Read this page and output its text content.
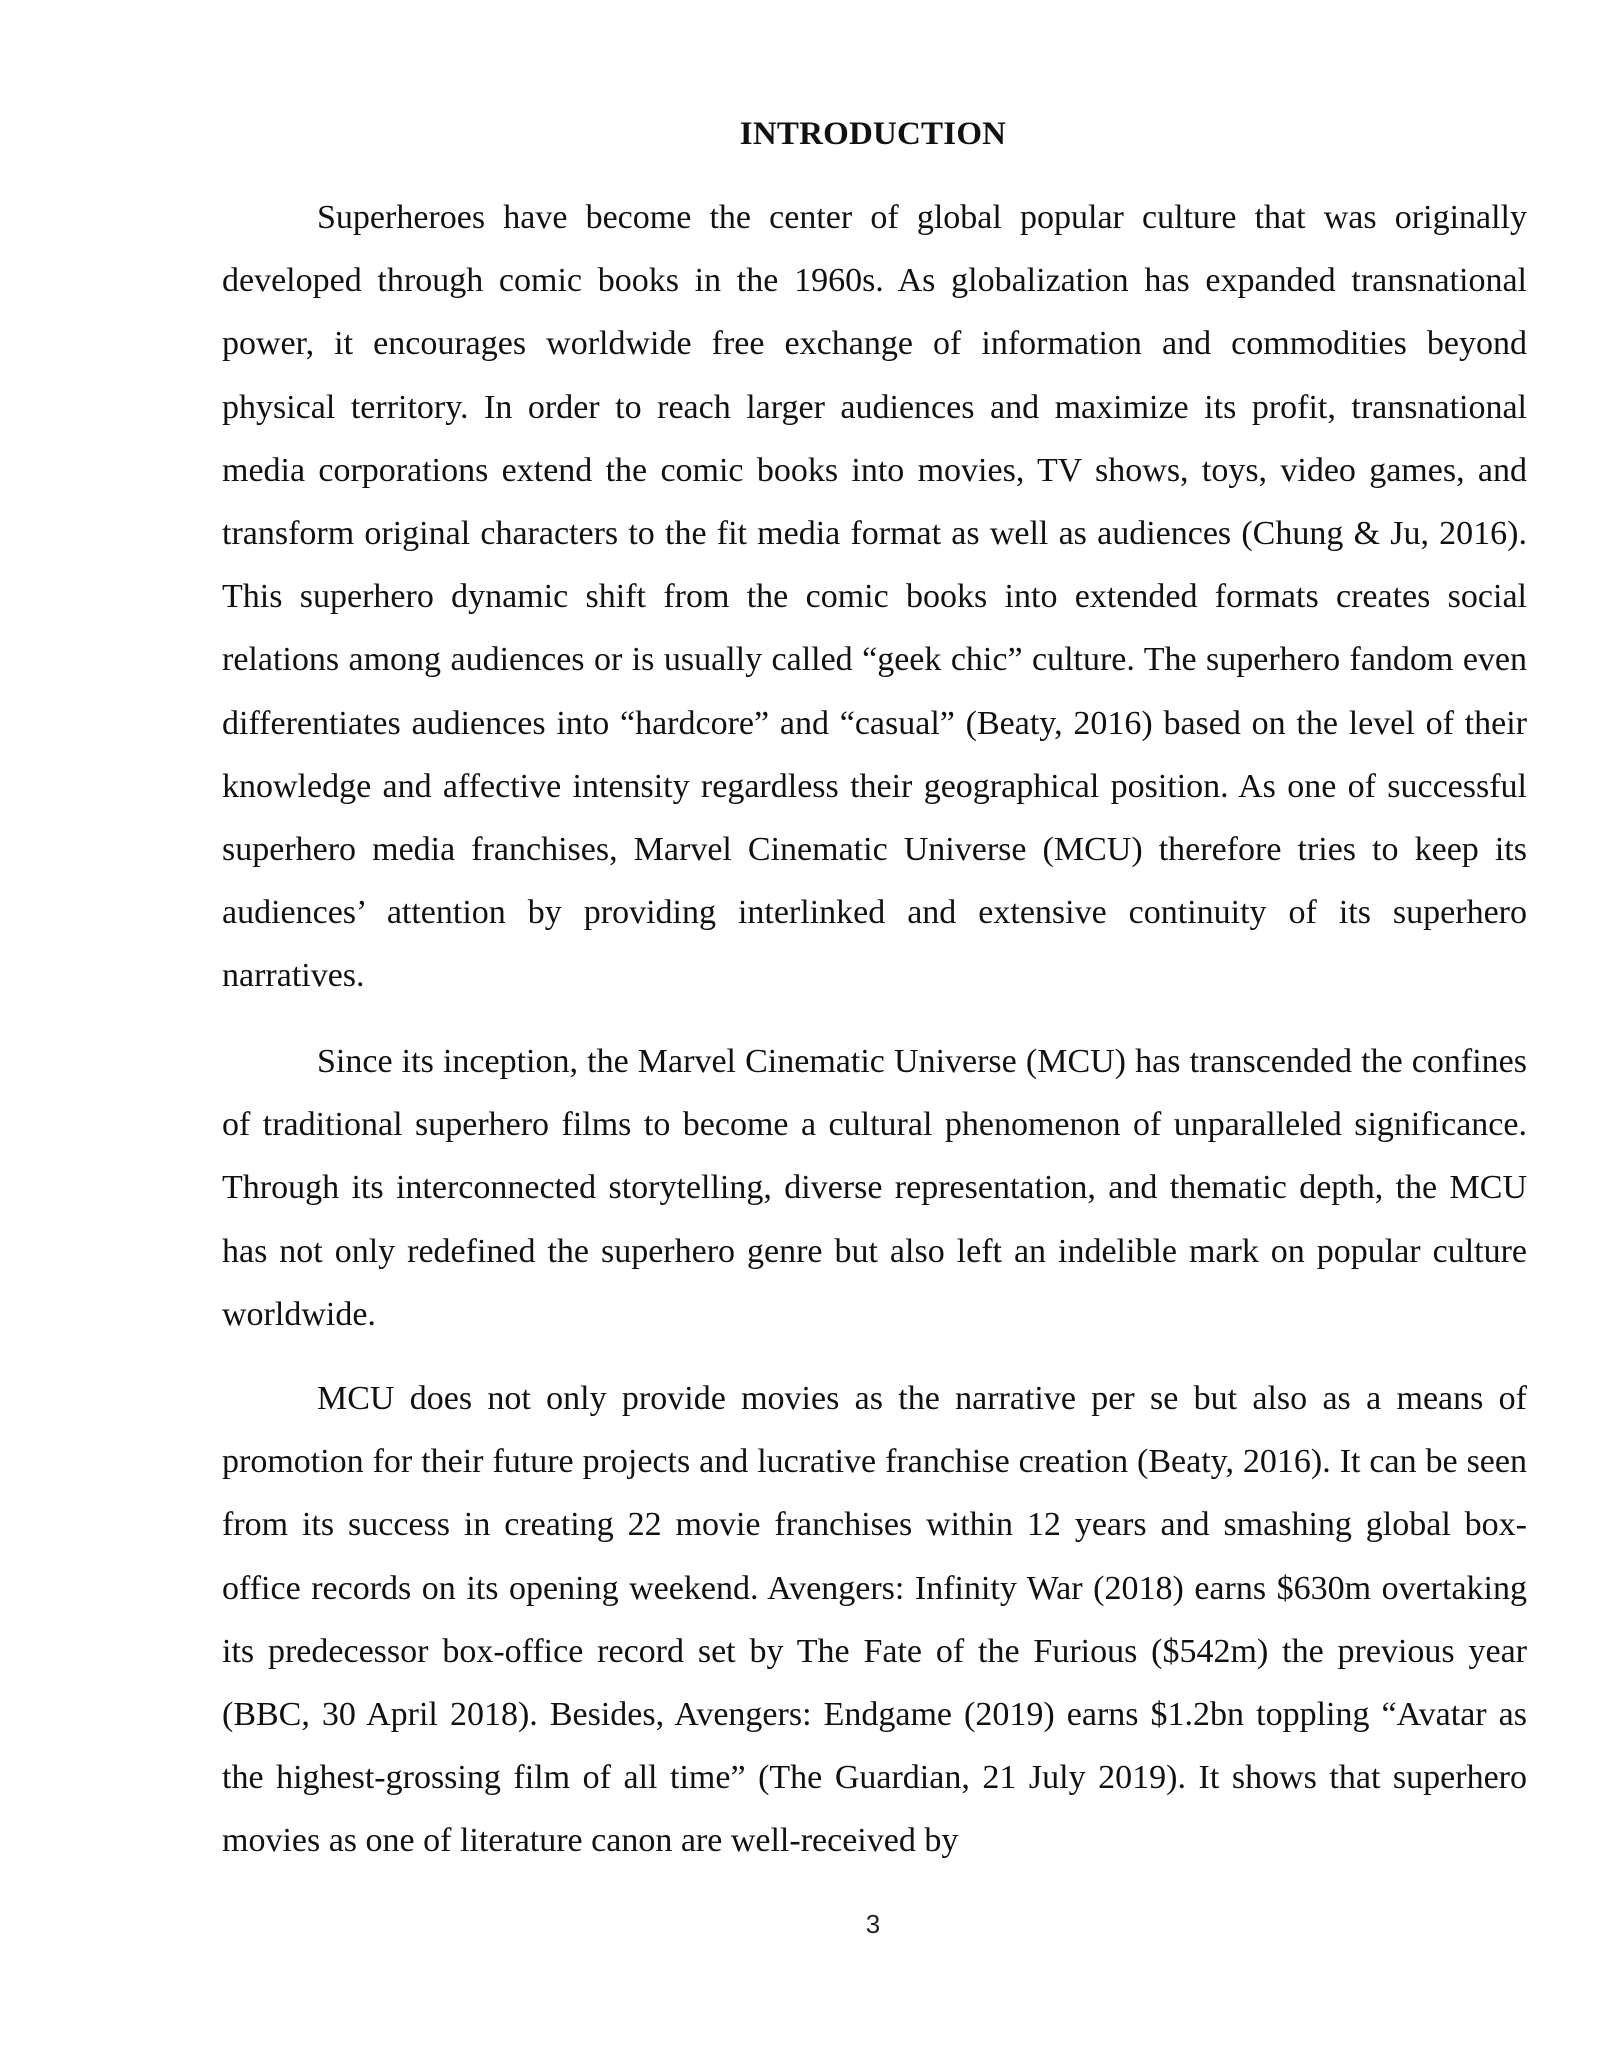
INTRODUCTION

Superheroes have become the center of global popular culture that was originally developed through comic books in the 1960s. As globalization has expanded transnational power, it encourages worldwide free exchange of information and commodities beyond physical territory. In order to reach larger audiences and maximize its profit, transnational media corporations extend the comic books into movies, TV shows, toys, video games, and transform original characters to the fit media format as well as audiences (Chung & Ju, 2016). This superhero dynamic shift from the comic books into extended formats creates social relations among audiences or is usually called “geek chic” culture. The superhero fandom even differentiates audiences into “hardcore” and “casual” (Beaty, 2016) based on the level of their knowledge and affective intensity regardless their geographical position. As one of successful superhero media franchises, Marvel Cinematic Universe (MCU) therefore tries to keep its audiences’ attention by providing interlinked and extensive continuity of its superhero narratives.

Since its inception, the Marvel Cinematic Universe (MCU) has transcended the confines of traditional superhero films to become a cultural phenomenon of unparalleled significance. Through its interconnected storytelling, diverse representation, and thematic depth, the MCU has not only redefined the superhero genre but also left an indelible mark on popular culture worldwide.

MCU does not only provide movies as the narrative per se but also as a means of promotion for their future projects and lucrative franchise creation (Beaty, 2016). It can be seen from its success in creating 22 movie franchises within 12 years and smashing global box-office records on its opening weekend. Avengers: Infinity War (2018) earns $630m overtaking its predecessor box-office record set by The Fate of the Furious ($542m) the previous year (BBC, 30 April 2018). Besides, Avengers: Endgame (2019) earns $1.2bn toppling “Avatar as the highest-grossing film of all time” (The Guardian, 21 July 2019). It shows that superhero movies as one of literature canon are well-received by

3
